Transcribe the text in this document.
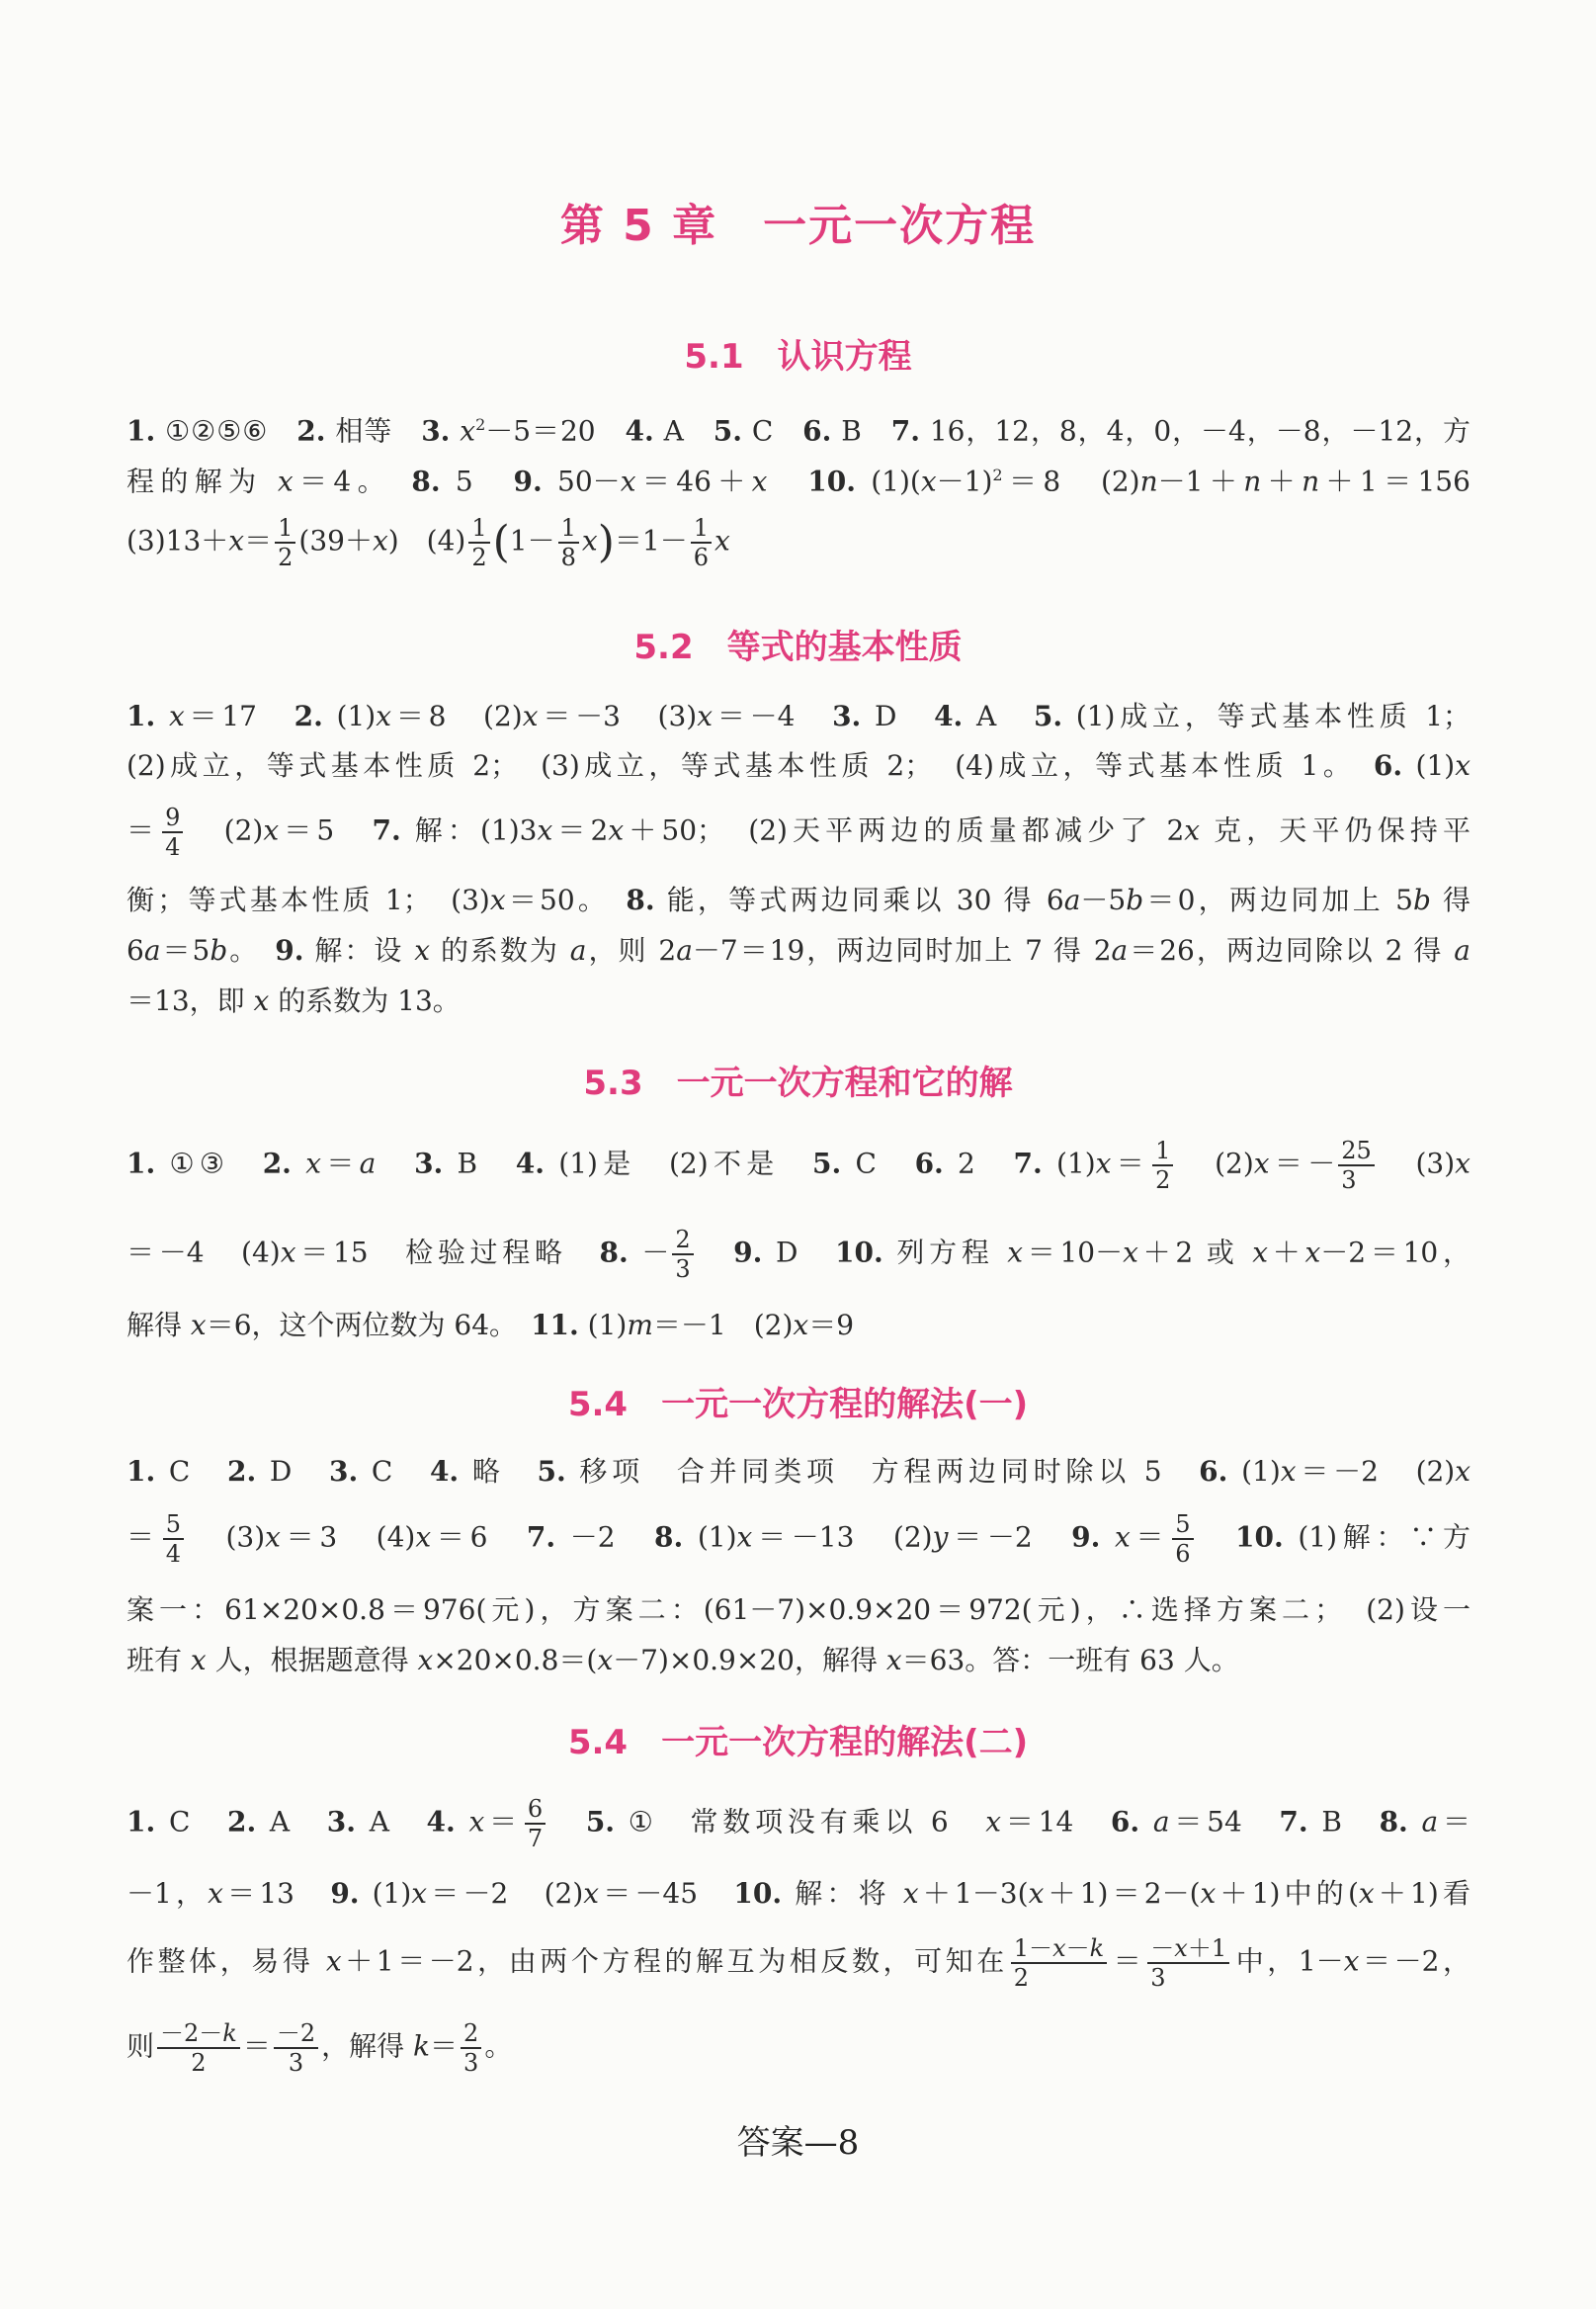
第 5 章　一元一次方程
5.1　认识方程
1. ①②⑤⑥　2. 相等　3. $x^2-5=20$　4. A　5. C　6. B　7. 16，12，8，4，0，－4，－8，－12，方
程的解为 x＝4。　8. 5　9. 50－x＝46＋x　 10. $(1)(x-1)^2=8$　(2)n－1＋n＋n＋1＝156
$(3)13+x= \frac{1}{2} (39+x)$　$(4) \frac{1}{2} (1- \frac{1}{8} x)=1- \frac{1}{6}$ x
5.2　等式的基本性质
1. x＝17　2. (1)x＝8　(2)x＝－3　(3)x＝－4　3. D　4. A　5. (1)成立，等式基本性质 1；
(2)成立，等式基本性质 2；　(3)成立，等式基本性质 2；　(4)成立，等式基本性质 1。　6. (1)x
＝ $\frac{9}{4}$ 　(2)x＝5　7. 解：(1)3x＝2x＋50；　(2)天平两边的质量都减少了 2x 克，天平仍保持平
衡；等式基本性质 1；　(3)x＝50。　8. 能，等式两边同乘以 30 得 6a－5b＝0，两边同加上 5b 得
6a＝5b。　9. 解：设 x 的系数为 a，则 2a－7＝19，两边同时加上 7 得 2a＝26，两边同除以 2 得 a
＝13，即 x 的系数为 13。
5.3　一元一次方程和它的解
1. ①③　2. x＝a　 3. B　4. (1)是　(2)不是　5. C　6. 2　7. $(1)x= \frac{1}{2}$ 　$(2)x=- \frac{25}{3}$ 　(3)x
＝－4　(4)x＝15　检验过程略　8. － $\frac{2}{3}$
　 9. D　10. 列方程 x＝10－x＋2 或 x＋x－2＝10，
解得 x＝6，这个两位数为 64。　11. (1)m＝－1　(2)x＝9
5.4　一元一次方程的解法(一)
1. C　2. D　3. C　4. 略　5. 移项　合并同类项　方程两边同时除以 5　6. (1)x＝－2　(2)x
＝ $\frac{5}{4}$ 　(3)x＝3　(4)x＝6　7. －2　8. (1)x＝－13　(2)y＝－2　9. $x= \frac{5}{6}$
　 10. (1)解：∵方
案一：61×20×0.8＝976(元)，方案二：(61－7)×0.9×20＝972(元)，∴选择方案二；　(2)设一
班有 x 人，根据题意得 x×20×0.8＝(x－7)×0.9×20，解得 x＝63。答：一班有 63 人。
5.4　一元一次方程的解法(二)
1. C　2. A　3. A　4. $x= \frac{6}{7}$
　 5. ①　常数项没有乘以 6　x＝14　6. a＝54　7. B　8. a＝
－1，x＝13　9. (1)x＝－2　(2)x＝－45　10. 解：将 x＋1－3(x＋1)＝2－(x＋1)中的(x＋1)看
作整体，易得 x＋1＝－2，由两个方程的解互为相反数，可知在 $\frac{1-x-k}{2} = \frac{-x+1}{3}$ 中，1－x＝－2，
则 $\frac{-2-k}{2} = \frac{-2}{3}$ ，解得 $k= \frac{2}{3}$ 。
答案—8
